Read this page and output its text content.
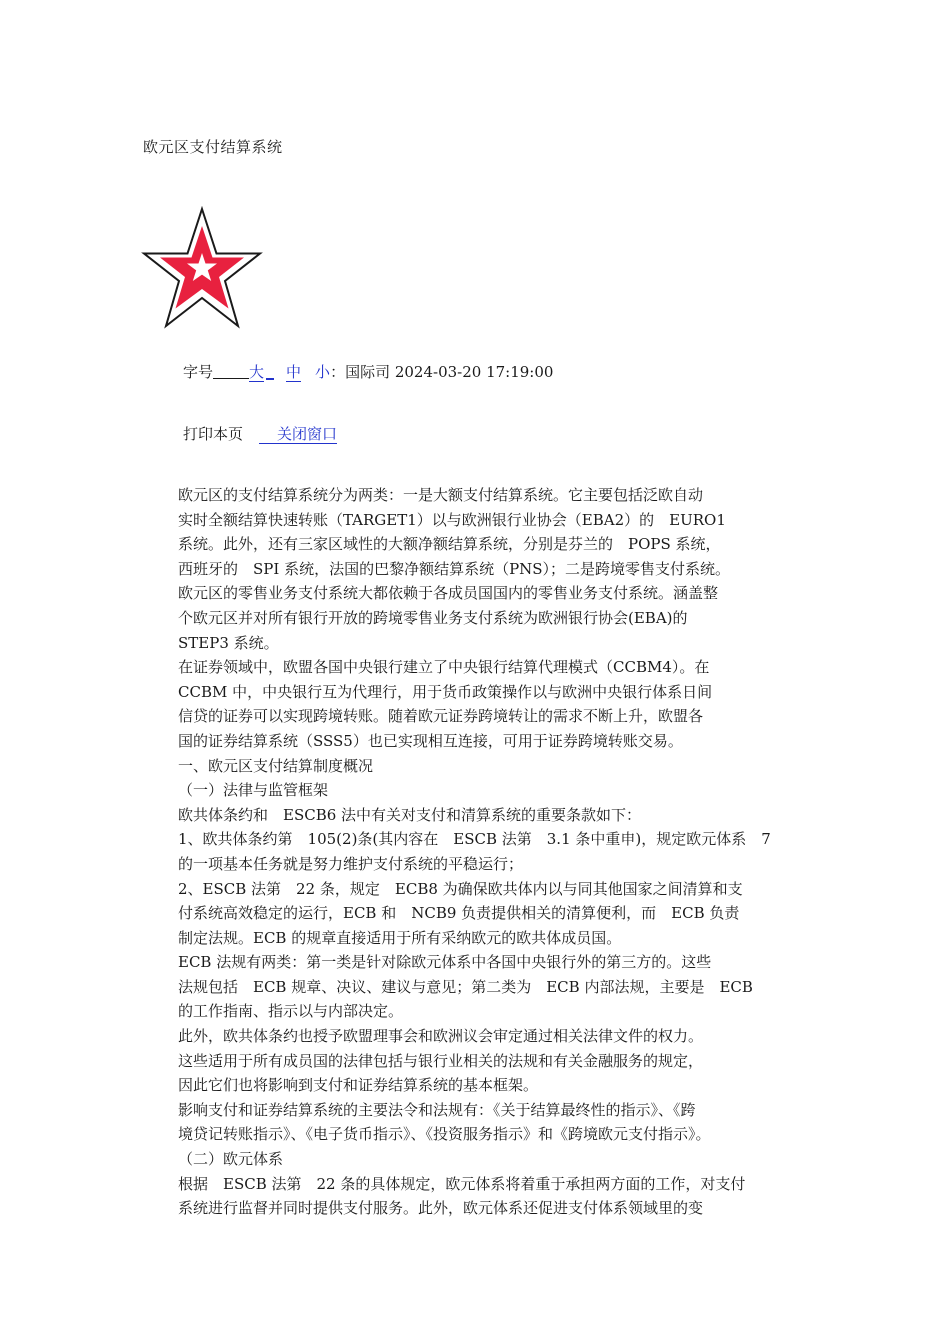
欧元区支付结算系统
字号 大 中 小：国际司 2024-03-20 17:19:00
打印本页 关闭窗口
欧元区的支付结算系统分为两类：一是大额支付结算系统。它主要包括泛欧自动
实时全额结算快速转账（TARGET1）以与欧洲银行业协会（EBA2）的　EURO1
系统。此外，还有三家区域性的大额净额结算系统，分别是芬兰的　POPS 系统，
西班牙的　SPI 系统，法国的巴黎净额结算系统（PNS）；二是跨境零售支付系统。
欧元区的零售业务支付系统大都依赖于各成员国国内的零售业务支付系统。涵盖整
个欧元区并对所有银行开放的跨境零售业务支付系统为欧洲银行协会(EBA)的
STEP3 系统。
在证券领域中，欧盟各国中央银行建立了中央银行结算代理模式（CCBM4）。在
CCBM 中，中央银行互为代理行，用于货币政策操作以与欧洲中央银行体系日间
信贷的证券可以实现跨境转账。随着欧元证券跨境转让的需求不断上升，欧盟各
国的证券结算系统（SSS5）也已实现相互连接，可用于证券跨境转账交易。
一、欧元区支付结算制度概况
（一）法律与监管框架
欧共体条约和　ESCB6 法中有关对支付和清算系统的重要条款如下：
1、欧共体条约第　105(2)条(其内容在　ESCB 法第　3.1 条中重申)，规定欧元体系　7
的一项基本任务就是努力维护支付系统的平稳运行；
2、ESCB 法第　22 条，规定　ECB8 为确保欧共体内以与同其他国家之间清算和支
付系统高效稳定的运行，ECB 和　NCB9 负责提供相关的清算便利，而　ECB 负责
制定法规。ECB 的规章直接适用于所有采纳欧元的欧共体成员国。
ECB 法规有两类：第一类是针对除欧元体系中各国中央银行外的第三方的。这些
法规包括　ECB 规章、决议、建议与意见；第二类为　ECB 内部法规，主要是　ECB
的工作指南、指示以与内部决定。
此外，欧共体条约也授予欧盟理事会和欧洲议会审定通过相关法律文件的权力。
这些适用于所有成员国的法律包括与银行业相关的法规和有关金融服务的规定，
因此它们也将影响到支付和证券结算系统的基本框架。
影响支付和证券结算系统的主要法令和法规有：《关于结算最终性的指示》、《跨
境贷记转账指示》、《电子货币指示》、《投资服务指示》和《跨境欧元支付指示》。
（二）欧元体系
根据　ESCB 法第　22 条的具体规定，欧元体系将着重于承担两方面的工作，对支付
系统进行监督并同时提供支付服务。此外，欧元体系还促进支付体系领域里的变
